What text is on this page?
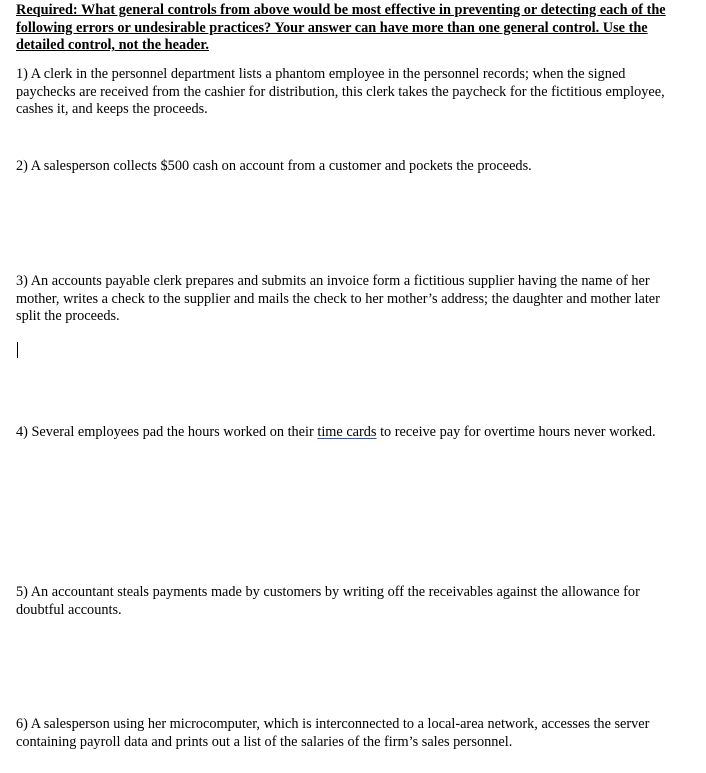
Required: What general controls from above would be most effective in preventing or detecting each of the following errors or undesirable practices? Your answer can have more than one general control. Use the detailed control, not the header.

1) A clerk in the personnel department lists a phantom employee in the personnel records; when the signed paychecks are received from the cashier for distribution, this clerk takes the paycheck for the fictitious employee, cashes it, and keeps the proceeds.

2) A salesperson collects $500 cash on account from a customer and pockets the proceeds.

3) An accounts payable clerk prepares and submits an invoice form a fictitious supplier having the name of her mother, writes a check to the supplier and mails the check to her mother’s address; the daughter and mother later split the proceeds.

4) Several employees pad the hours worked on their time cards to receive pay for overtime hours never worked.

5) An accountant steals payments made by customers by writing off the receivables against the allowance for doubtful accounts.

6) A salesperson using her microcomputer, which is interconnected to a local-area network, accesses the server containing payroll data and prints out a list of the salaries of the firm’s sales personnel.
